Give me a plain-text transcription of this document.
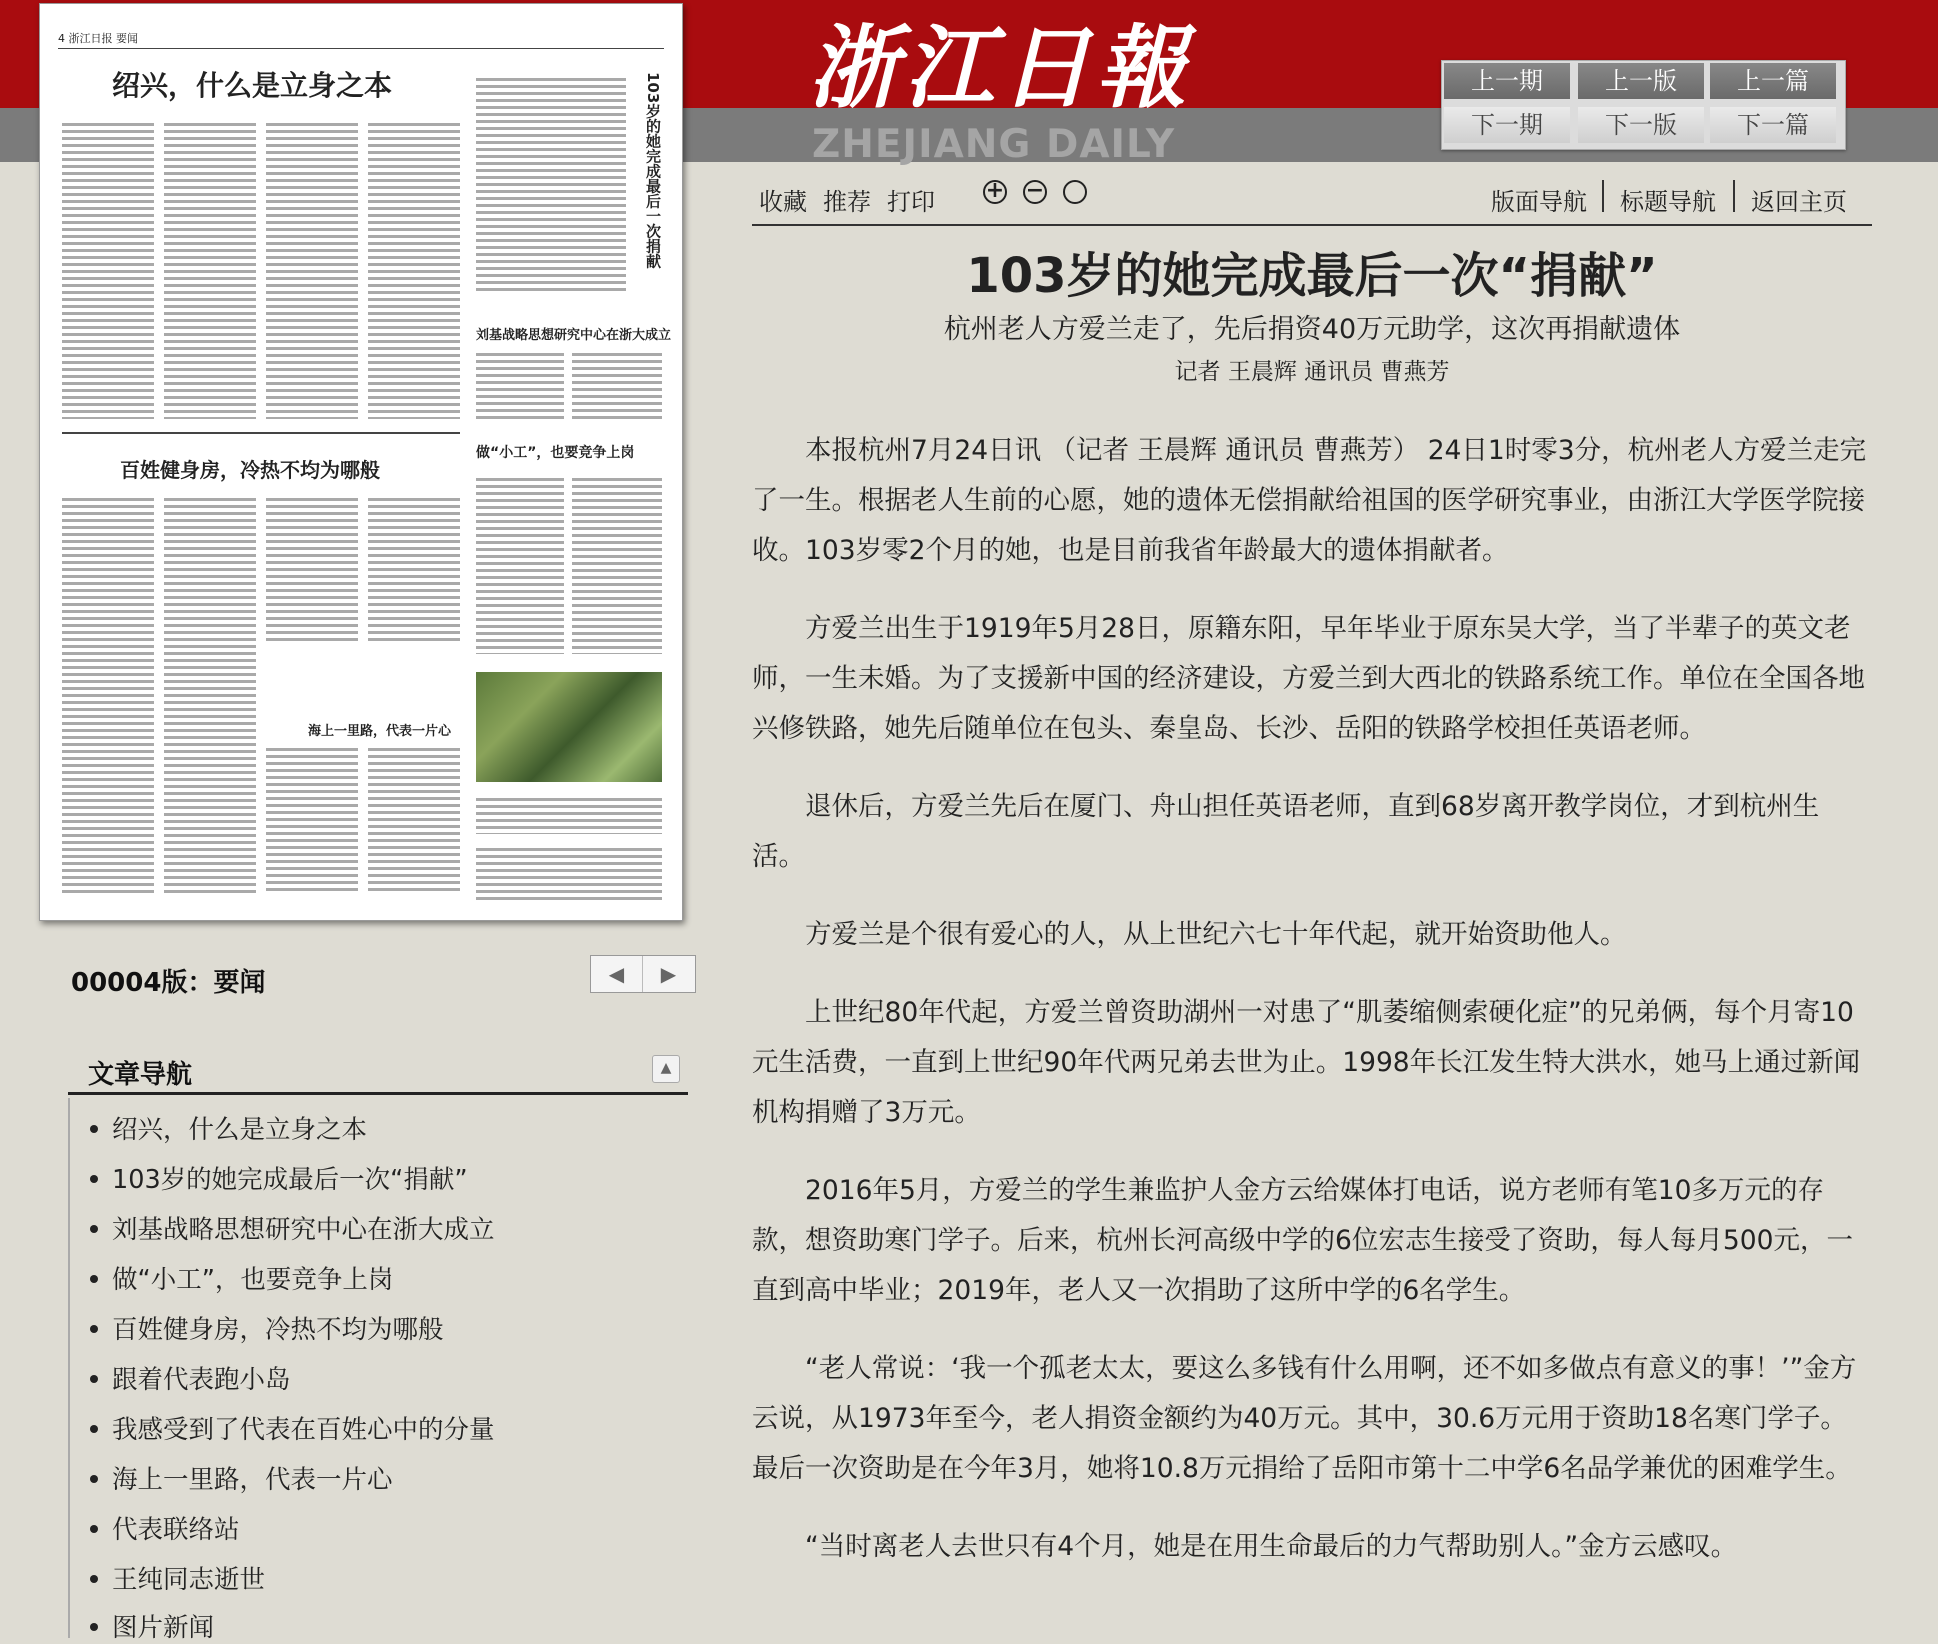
浙江日報
ZHEJIANG DAILY
上一期	上一版	上一篇
下一期	下一版	下一篇
收藏 推荐 打印 + −	版面导航 标题导航 返回主页
103岁的她完成最后一次“捐献”
杭州老人方爱兰走了，先后捐资40万元助学，这次再捐献遗体
记者 王晨辉 通讯员 曹燕芳

本报杭州7月24日讯 （记者 王晨辉 通讯员 曹燕芳） 24日1时零3分，杭州老人方爱兰走完了一生。根据老人生前的心愿，她的遗体无偿捐献给祖国的医学研究事业，由浙江大学医学院接收。103岁零2个月的她，也是目前我省年龄最大的遗体捐献者。

方爱兰出生于1919年5月28日，原籍东阳，早年毕业于原东吴大学，当了半辈子的英文老师，一生未婚。为了支援新中国的经济建设，方爱兰到大西北的铁路系统工作。单位在全国各地兴修铁路，她先后随单位在包头、秦皇岛、长沙、岳阳的铁路学校担任英语老师。

退休后，方爱兰先后在厦门、舟山担任英语老师，直到68岁离开教学岗位，才到杭州生活。

方爱兰是个很有爱心的人，从上世纪六七十年代起，就开始资助他人。

上世纪80年代起，方爱兰曾资助湖州一对患了“肌萎缩侧索硬化症”的兄弟俩，每个月寄10元生活费，一直到上世纪90年代两兄弟去世为止。1998年长江发生特大洪水，她马上通过新闻机构捐赠了3万元。

2016年5月，方爱兰的学生兼监护人金方云给媒体打电话，说方老师有笔10多万元的存款，想资助寒门学子。后来，杭州长河高级中学的6位宏志生接受了资助，每人每月500元，一直到高中毕业；2019年，老人又一次捐助了这所中学的6名学生。

“老人常说：‘我一个孤老太太，要这么多钱有什么用啊，还不如多做点有意义的事！’”金方云说，从1973年至今，老人捐资金额约为40万元。其中，30.6万元用于资助18名寒门学子。最后一次资助是在今年3月，她将10.8万元捐给了岳阳市第十二中学6名品学兼优的困难学生。

“当时离老人去世只有4个月，她是在用生命最后的力气帮助别人。”金方云感叹。

4 浙江日报 要闻
绍兴，什么是立身之本	103岁的她完成最后一次捐献
刘基战略思想研究中心在浙大成立
百姓健身房，冷热不均为哪般
做“小工”，也要竞争上岗
海上一里路，代表一片心
00004版：要闻	◀	▶
文章导航	▲
绍兴，什么是立身之本
103岁的她完成最后一次“捐献”
刘基战略思想研究中心在浙大成立
做“小工”，也要竞争上岗
百姓健身房，冷热不均为哪般
跟着代表跑小岛
我感受到了代表在百姓心中的分量
海上一里路，代表一片心
代表联络站
王纯同志逝世
图片新闻
